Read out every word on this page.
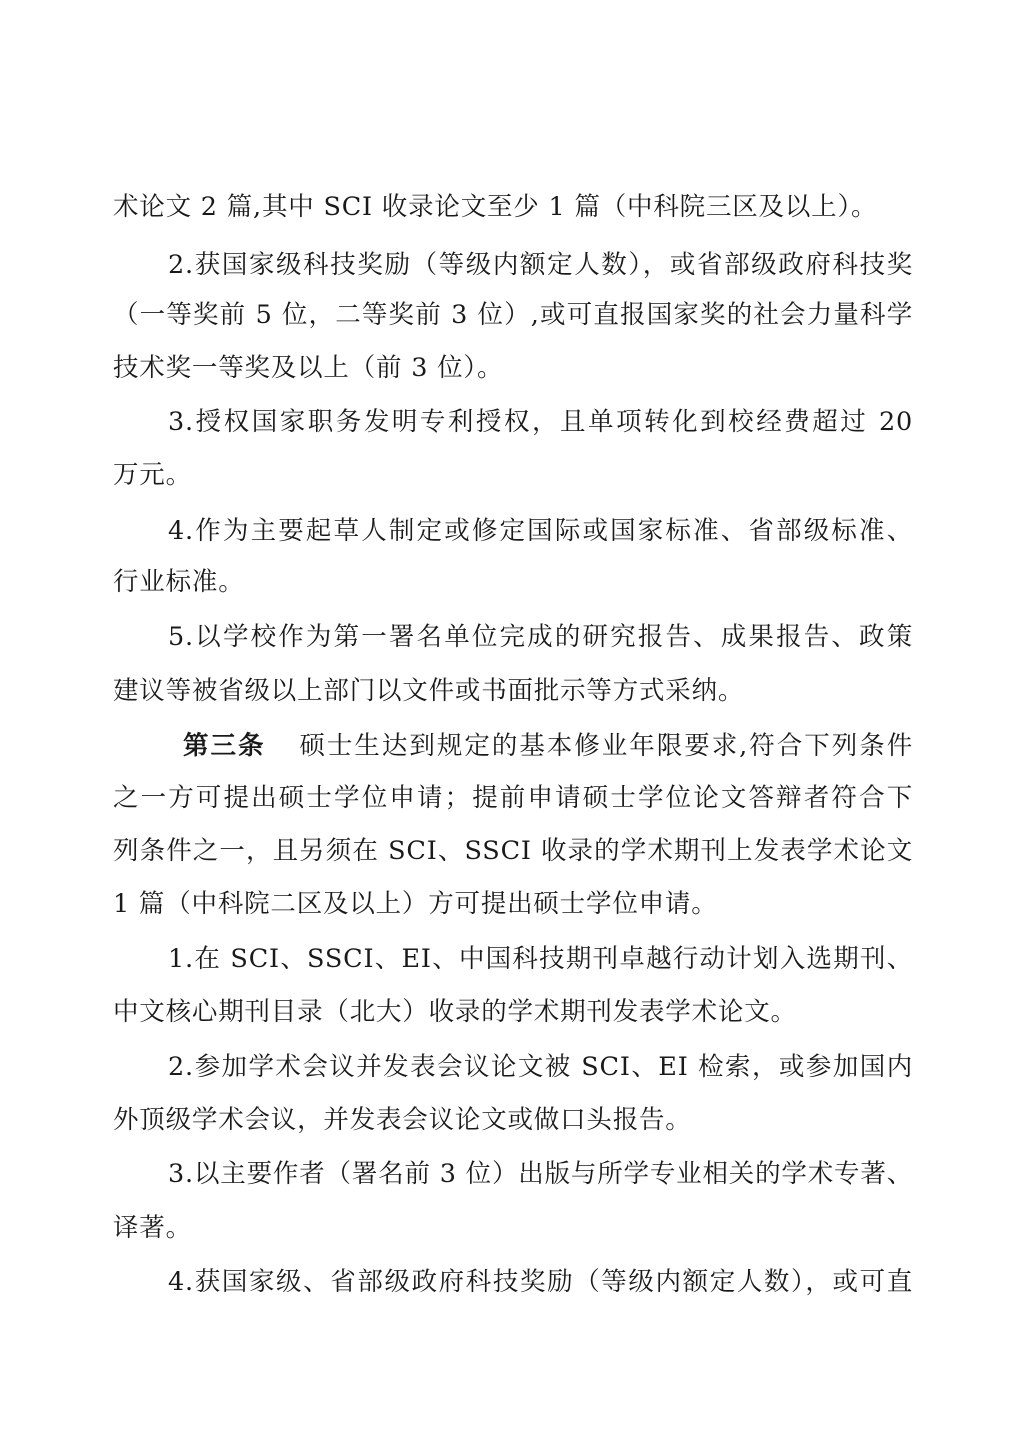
术论文 2 篇,其中 SCI 收录论文至少 1 篇（中科院三区及以上）。
2.获国家级科技奖励（等级内额定人数），或省部级政府科技奖
（一等奖前 5 位，二等奖前 3 位）,或可直报国家奖的社会力量科学
技术奖一等奖及以上（前 3 位）。
3.授权国家职务发明专利授权，且单项转化到校经费超过 20
万元。
4.作为主要起草人制定或修定国际或国家标准、省部级标准、
行业标准。
5.以学校作为第一署名单位完成的研究报告、成果报告、政策
建议等被省级以上部门以文件或书面批示等方式采纳。
第三条 硕士生达到规定的基本修业年限要求,符合下列条件
之一方可提出硕士学位申请；提前申请硕士学位论文答辩者符合下
列条件之一，且另须在 SCI、SSCI 收录的学术期刊上发表学术论文
1 篇（中科院二区及以上）方可提出硕士学位申请。
1.在 SCI、SSCI、EI、中国科技期刊卓越行动计划入选期刊、
中文核心期刊目录（北大）收录的学术期刊发表学术论文。
2.参加学术会议并发表会议论文被 SCI、EI 检索，或参加国内
外顶级学术会议，并发表会议论文或做口头报告。
3.以主要作者（署名前 3 位）出版与所学专业相关的学术专著、
译著。
4.获国家级、省部级政府科技奖励（等级内额定人数），或可直
